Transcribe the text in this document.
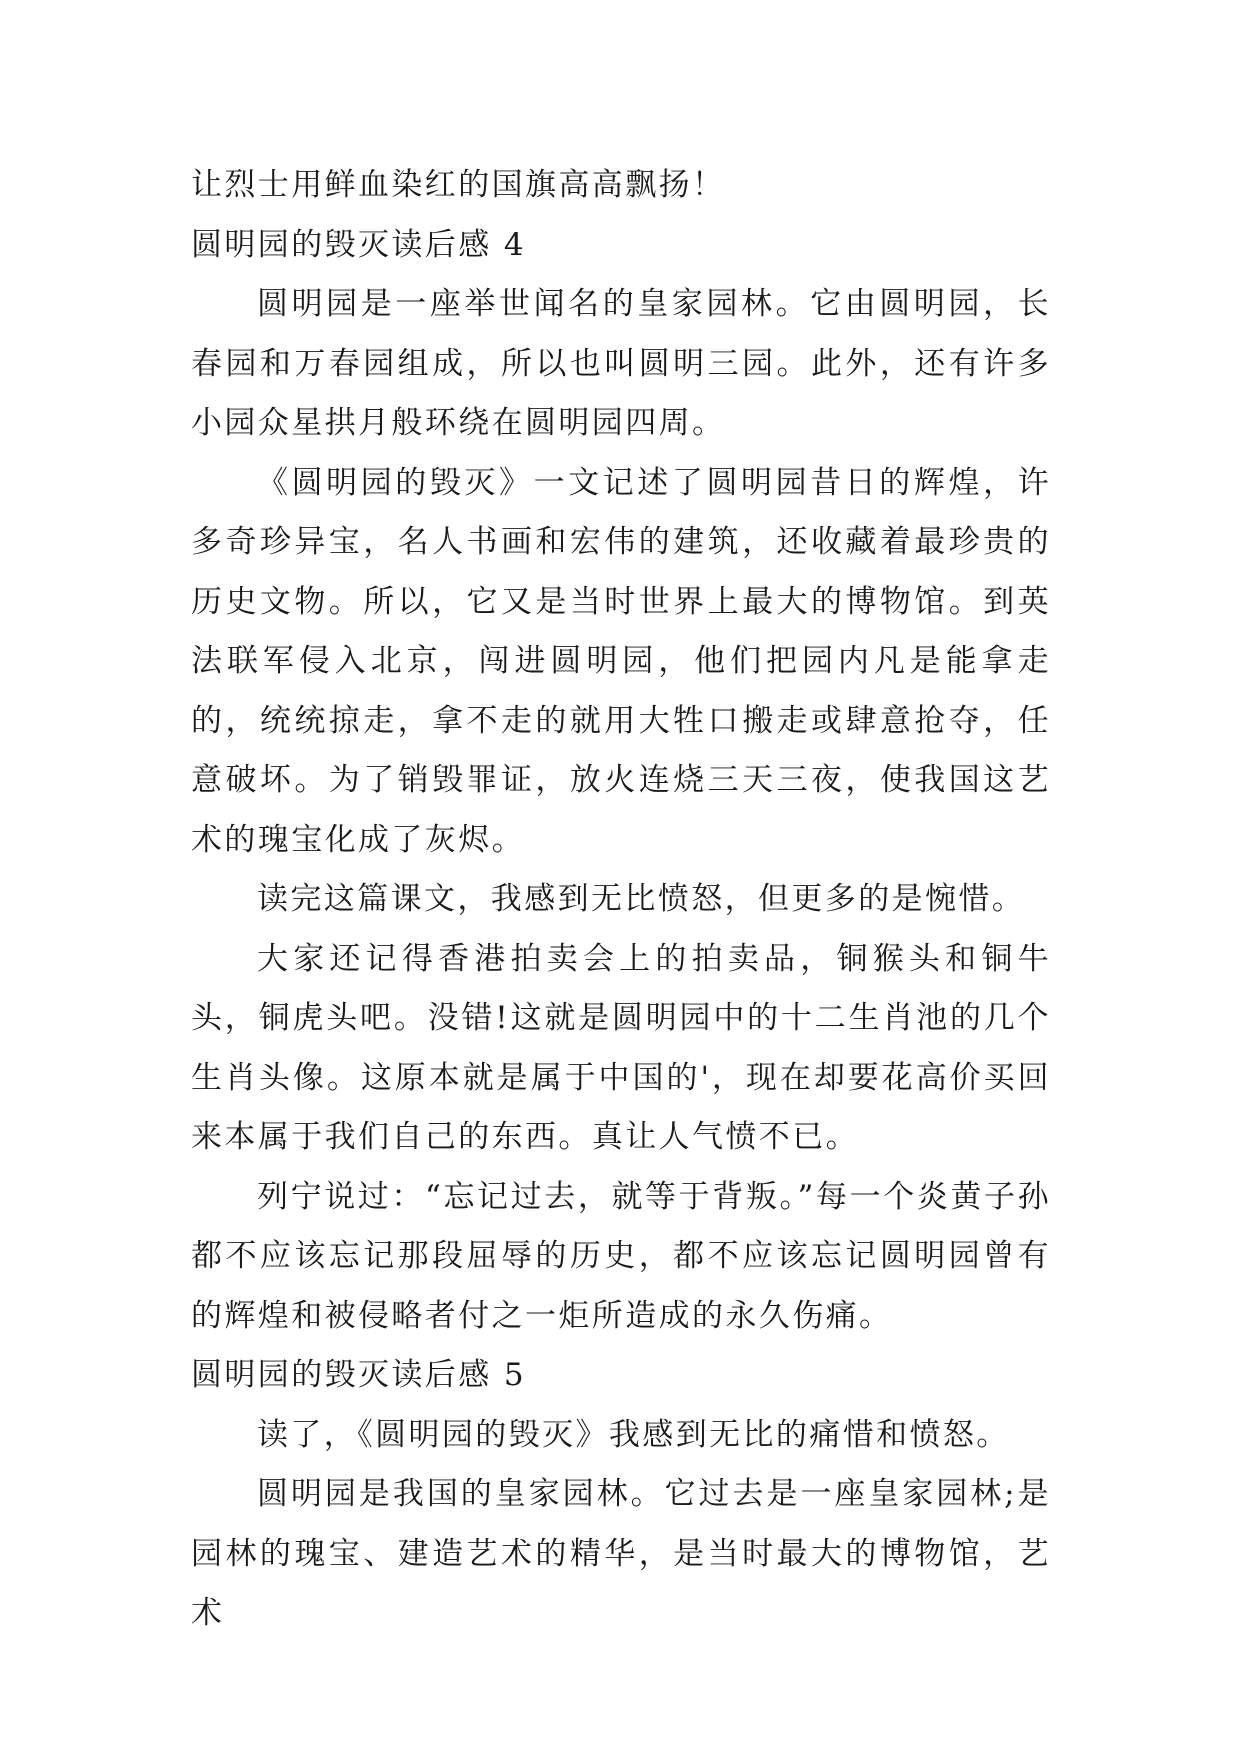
让烈士用鲜血染红的国旗高高飘扬！

圆明园的毁灭读后感 4

圆明园是一座举世闻名的皇家园林。它由圆明园，长春园和万春园组成，所以也叫圆明三园。此外，还有许多小园众星拱月般环绕在圆明园四周。

《圆明园的毁灭》一文记述了圆明园昔日的辉煌，许多奇珍异宝，名人书画和宏伟的建筑，还收藏着最珍贵的历史文物。所以，它又是当时世界上最大的博物馆。到英法联军侵入北京，闯进圆明园，他们把园内凡是能拿走的，统统掠走，拿不走的就用大牲口搬走或肆意抢夺，任意破坏。为了销毁罪证，放火连烧三天三夜，使我国这艺术的瑰宝化成了灰烬。

读完这篇课文，我感到无比愤怒，但更多的是惋惜。

大家还记得香港拍卖会上的拍卖品，铜猴头和铜牛头，铜虎头吧。没错!这就是圆明园中的十二生肖池的几个生肖头像。这原本就是属于中国的'，现在却要花高价买回来本属于我们自己的东西。真让人气愤不已。

列宁说过：“忘记过去，就等于背叛。”每一个炎黄子孙都不应该忘记那段屈辱的历史，都不应该忘记圆明园曾有的辉煌和被侵略者付之一炬所造成的永久伤痛。

圆明园的毁灭读后感 5

读了，《圆明园的毁灭》我感到无比的痛惜和愤怒。

圆明园是我国的皇家园林。它过去是一座皇家园林;是园林的瑰宝、建造艺术的精华，是当时最大的博物馆，艺术
